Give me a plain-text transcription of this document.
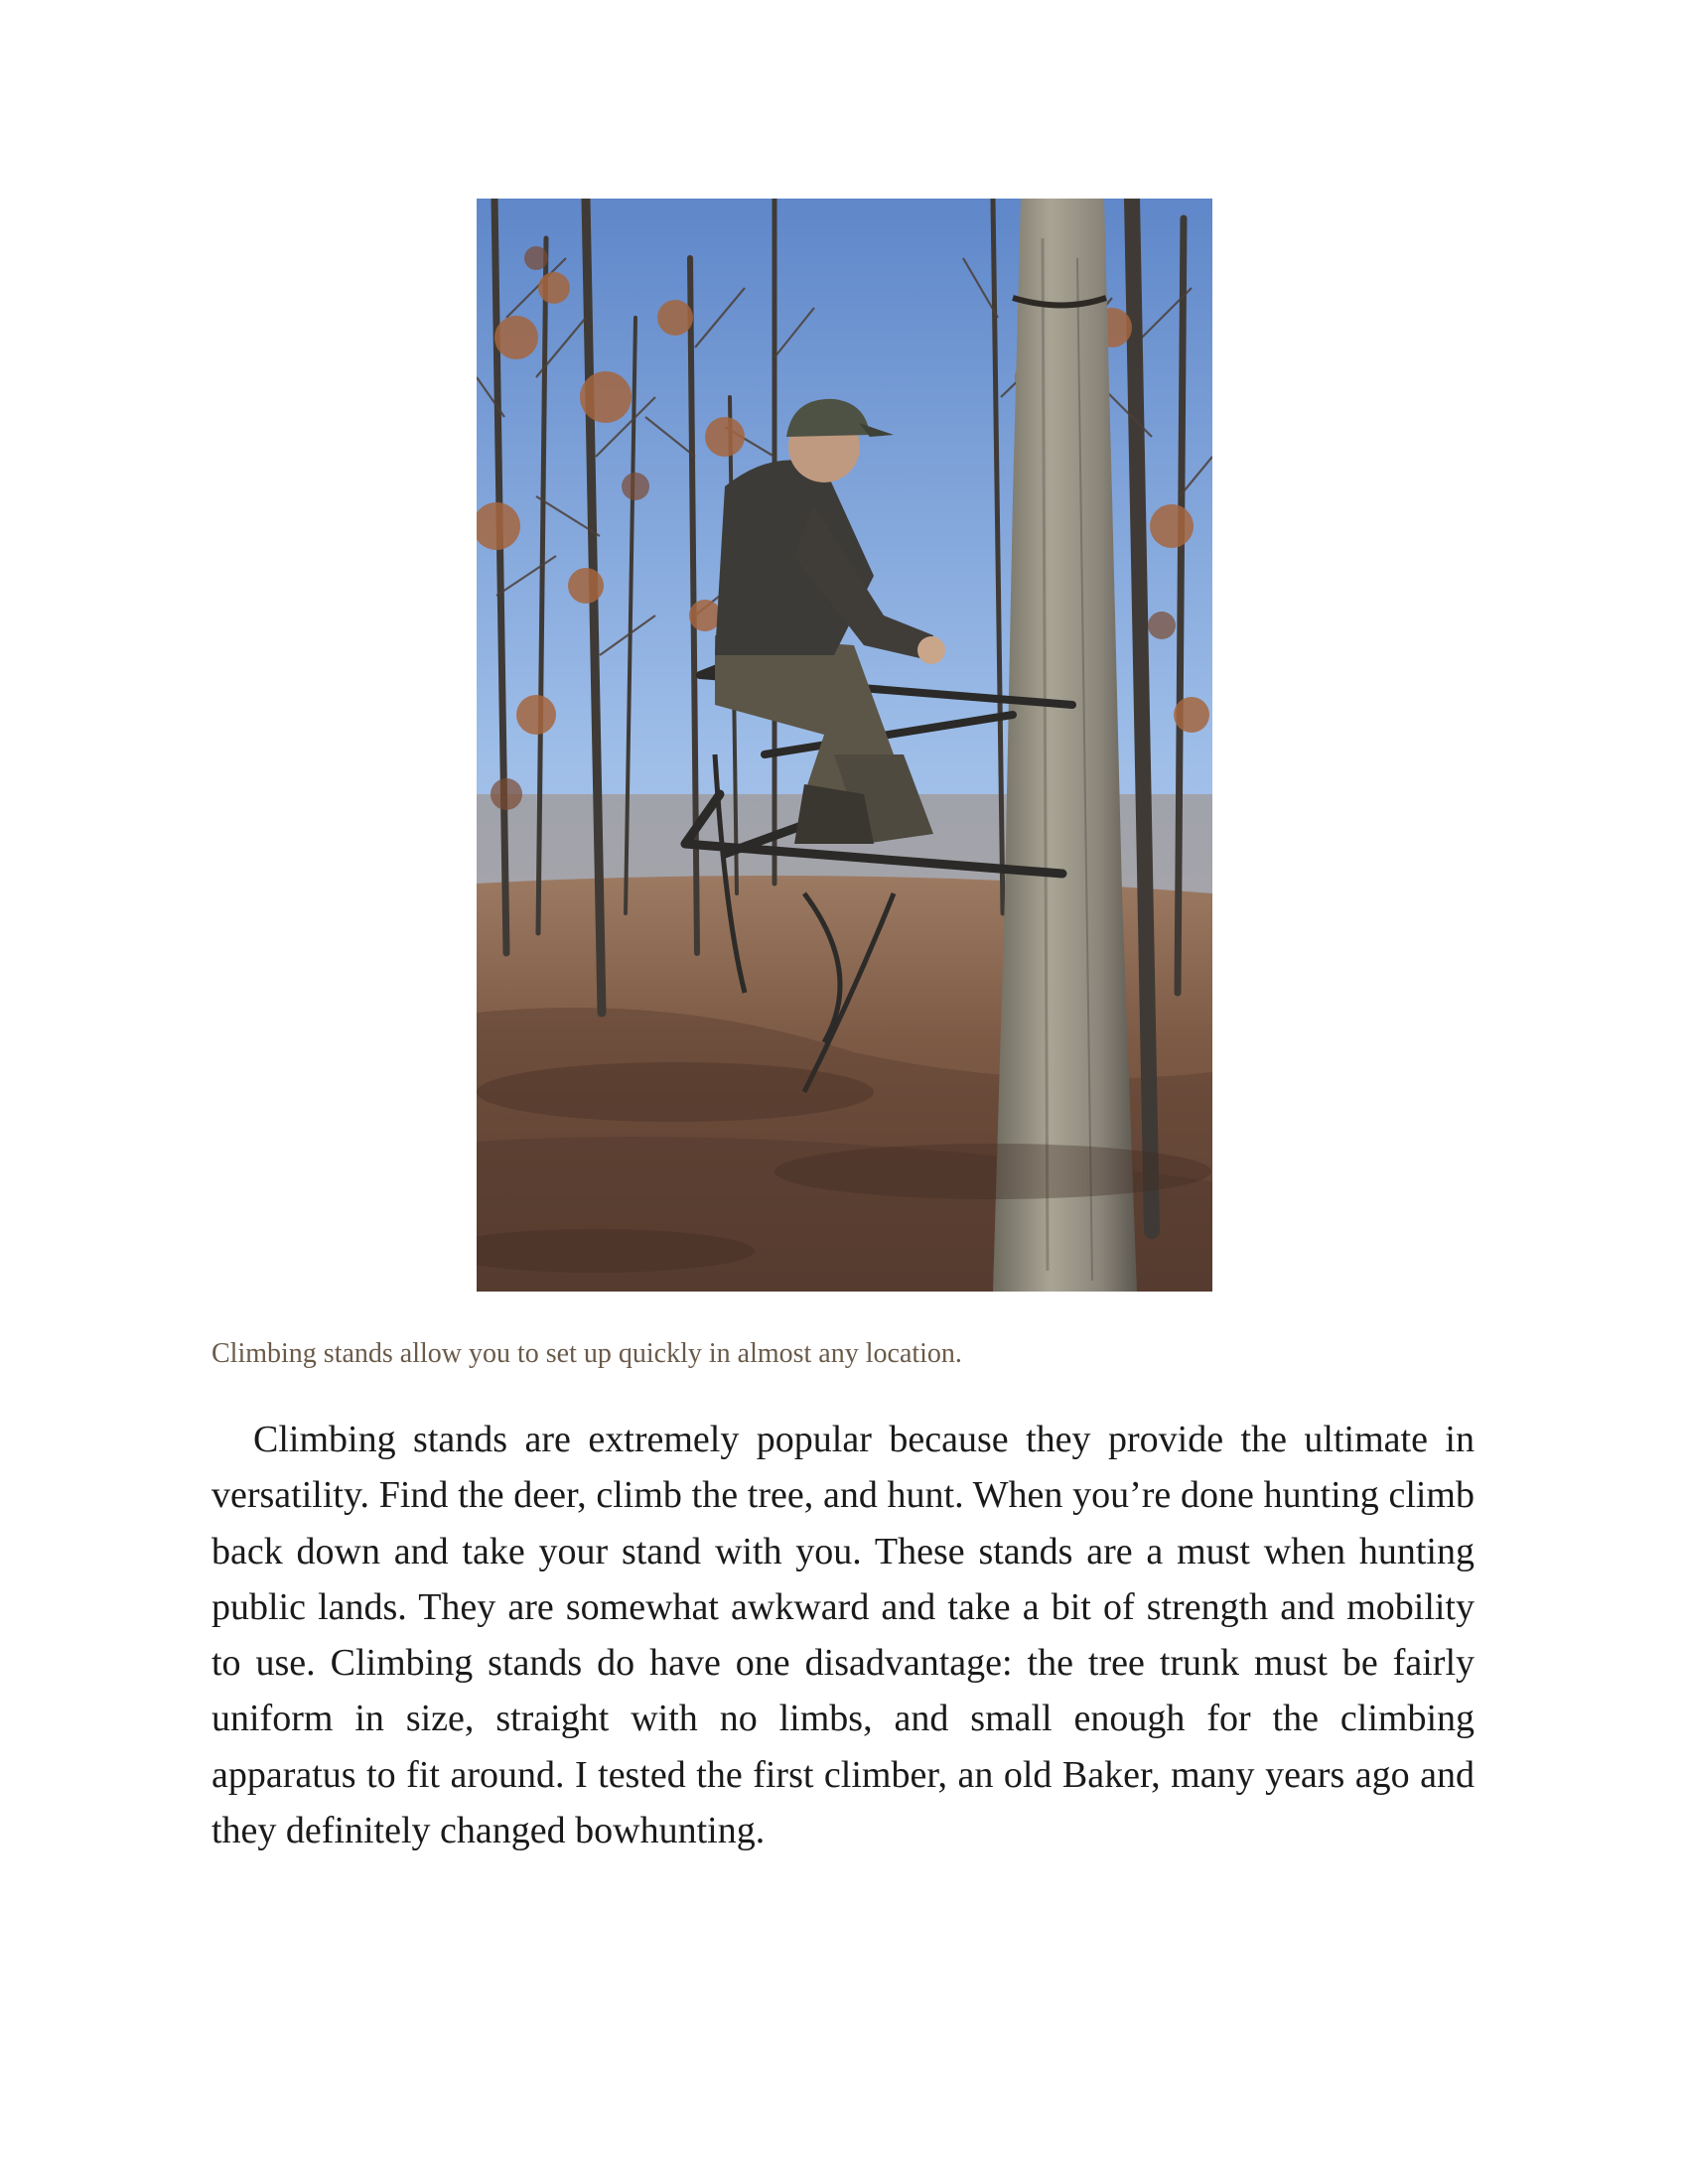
Climbing stands allow you to set up quickly in almost any location.

Climbing stands are extremely popular because they provide the ultimate in versatility. Find the deer, climb the tree, and hunt. When you’re done hunting climb back down and take your stand with you. These stands are a must when hunting public lands. They are somewhat awkward and take a bit of strength and mobility to use. Climbing stands do have one disadvantage: the tree trunk must be fairly uniform in size, straight with no limbs, and small enough for the climbing apparatus to fit around. I tested the first climber, an old Baker, many years ago and they definitely changed bowhunting.
